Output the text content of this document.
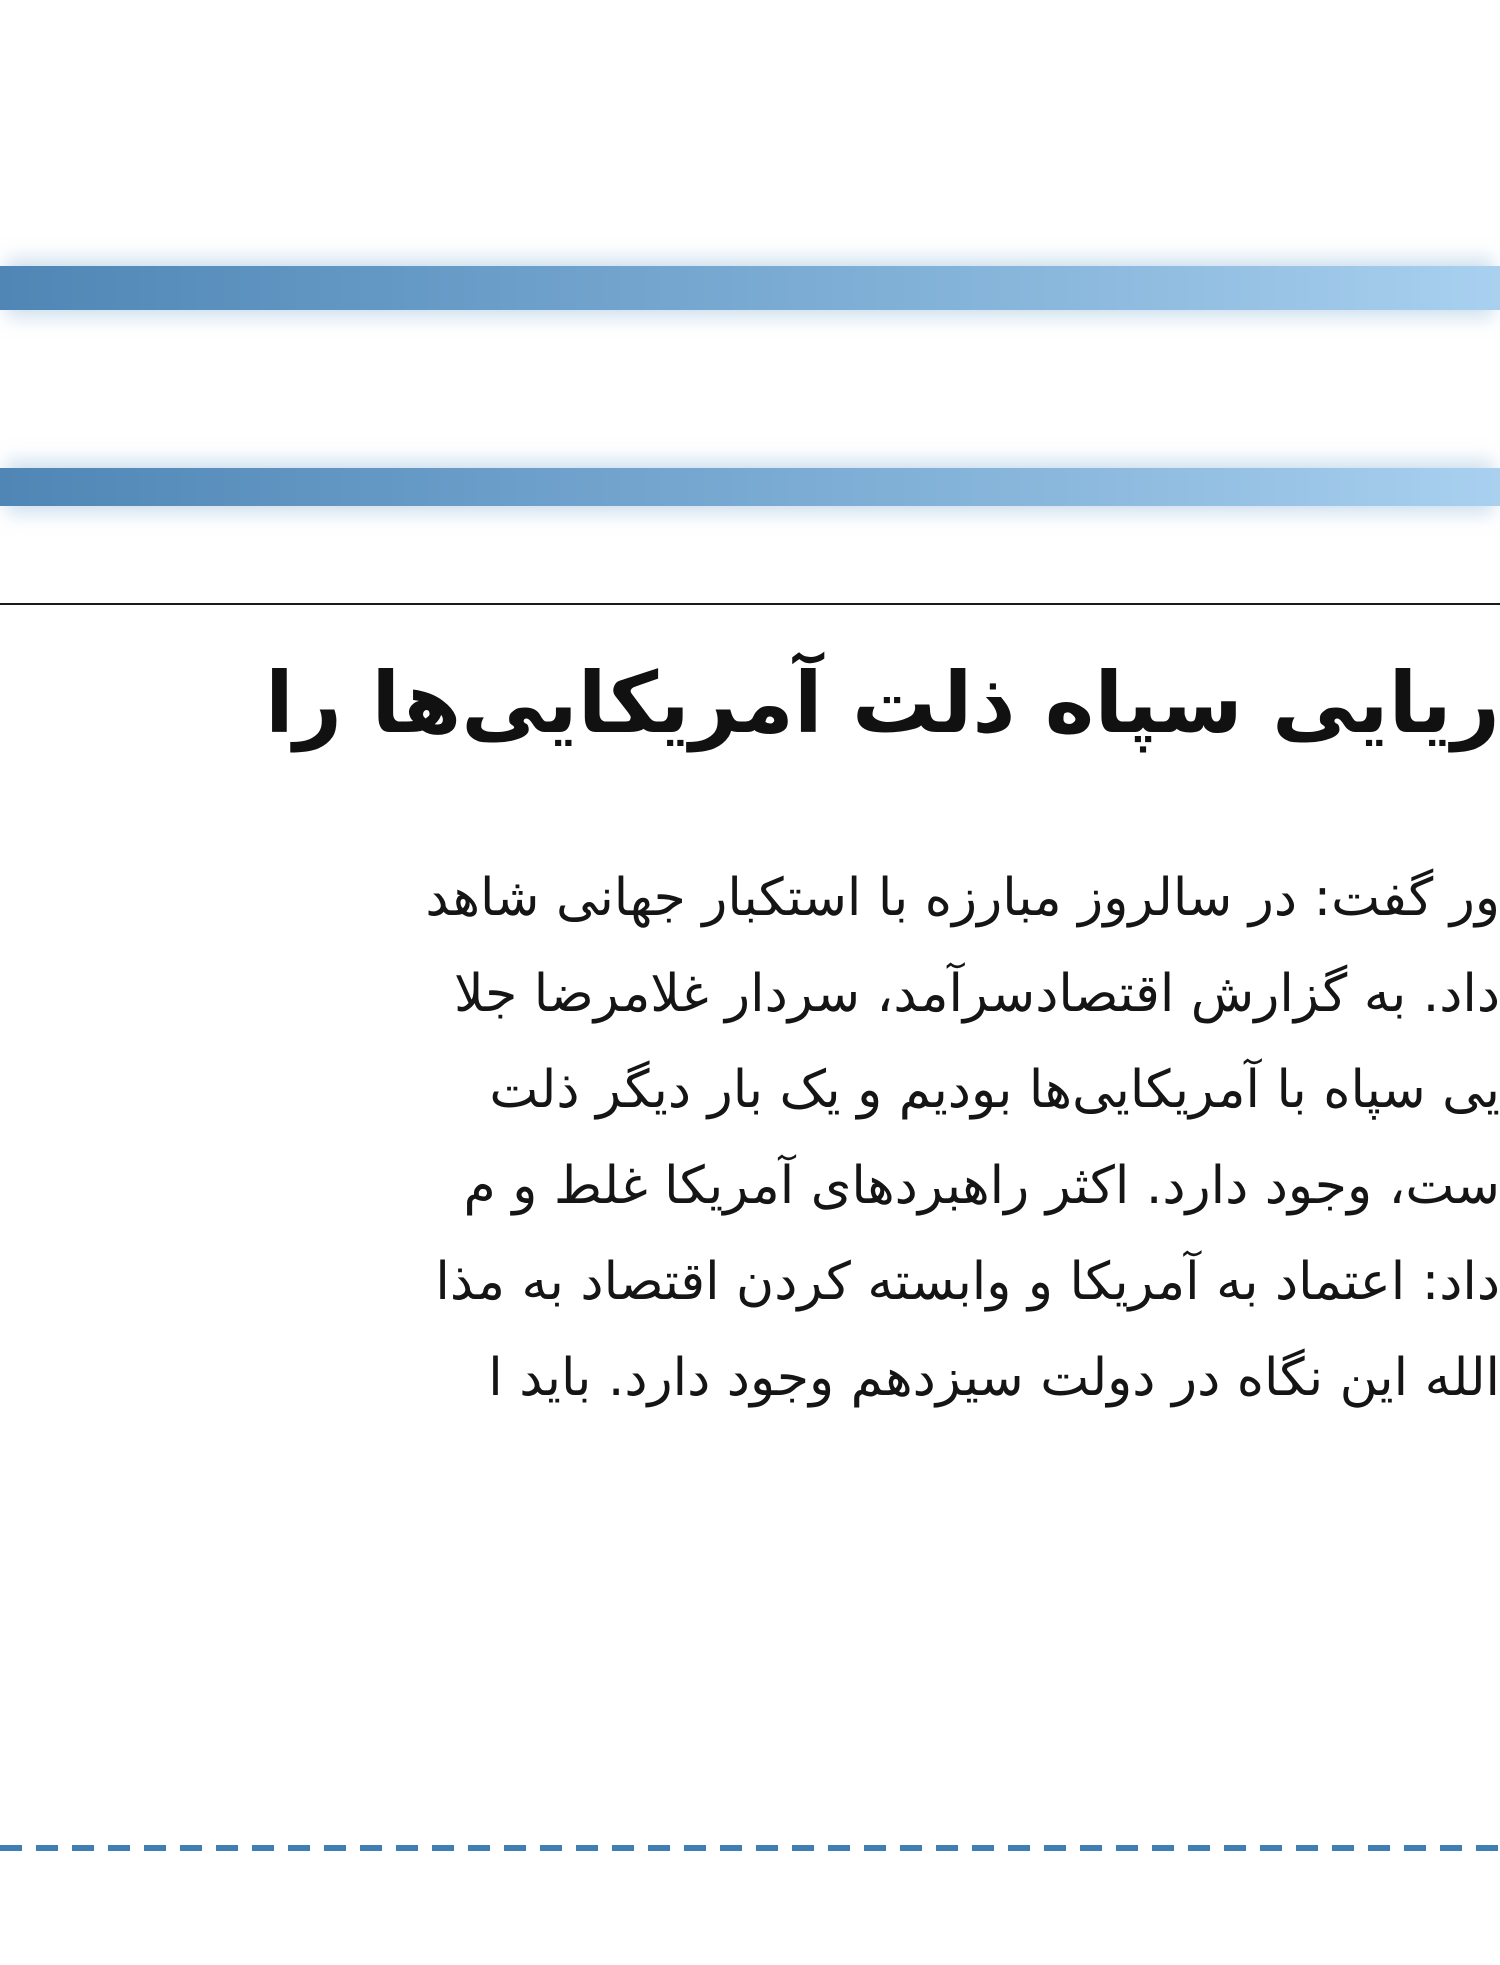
ریایی سپاه ذلت آمریکایی‌ها را
ور گفت: در سالروز مبارزه با استکبار جهانی شاهد
داد. به گزارش اقتصادسرآمد، سردار غلامرضا جلا
یی سپاه با آمریکایی‌ها بودیم و یک بار دیگر ذلت
ست، وجود دارد. اکثر راهبردهای آمریکا غلط و م
داد: اعتماد به آمریکا و وابسته کردن اقتصاد به مذا
الله این نگاه در دولت سیزدهم وجود دارد. باید ا
